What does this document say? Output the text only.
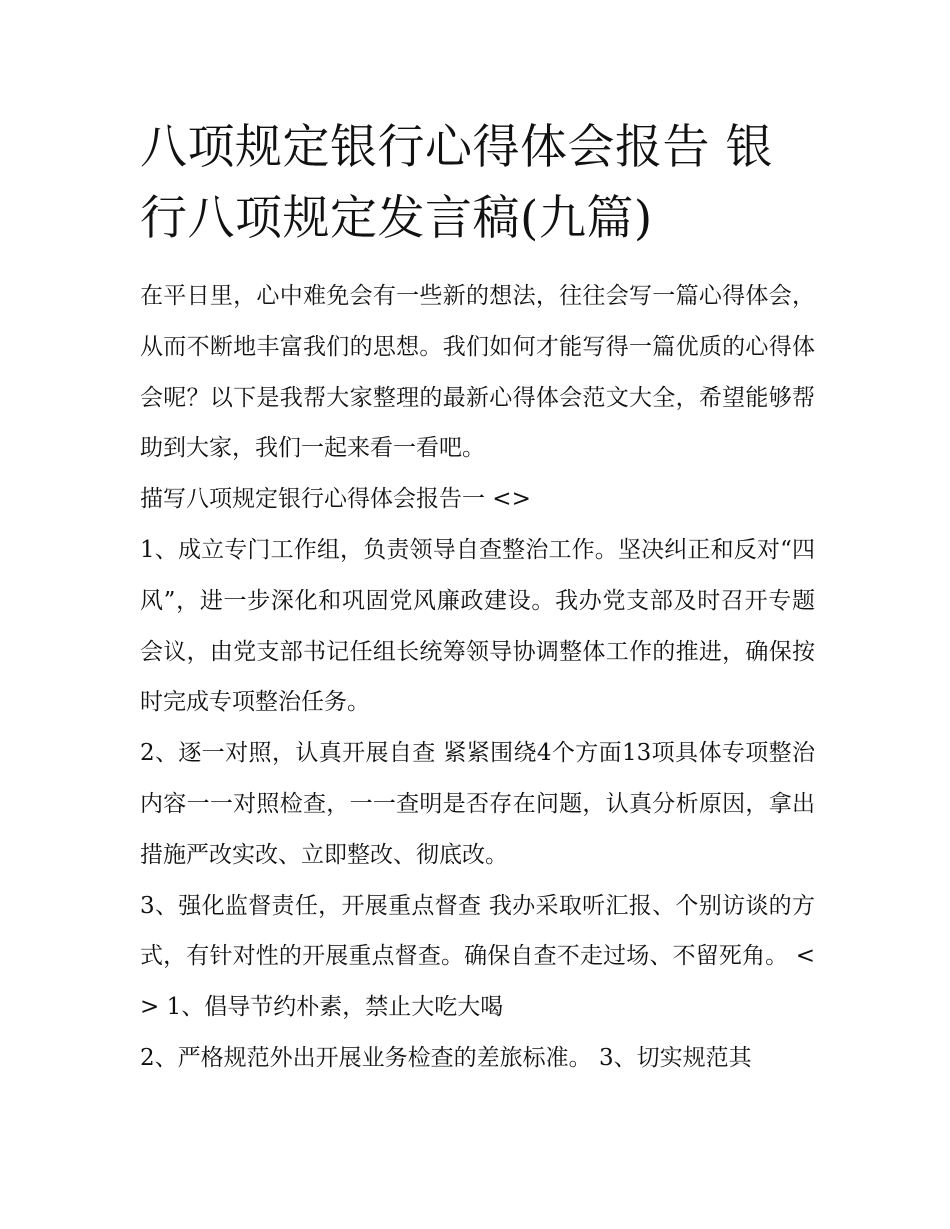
八项规定银行心得体会报告 银行八项规定发言稿(九篇)

在平日里，心中难免会有一些新的想法，往往会写一篇心得体会，从而不断地丰富我们的思想。我们如何才能写得一篇优质的心得体会呢？以下是我帮大家整理的最新心得体会范文大全，希望能够帮助到大家，我们一起来看一看吧。

描写八项规定银行心得体会报告一 <>

1、成立专门工作组，负责领导自查整治工作。坚决纠正和反对“四风”，进一步深化和巩固党风廉政建设。我办党支部及时召开专题会议，由党支部书记任组长统筹领导协调整体工作的推进，确保按时完成专项整治任务。

2、逐一对照，认真开展自查 紧紧围绕4个方面13项具体专项整治内容一一对照检查，一一查明是否存在问题，认真分析原因，拿出措施严改实改、立即整改、彻底改。

3、强化监督责任，开展重点督查 我办采取听汇报、个别访谈的方式，有针对性的开展重点督查。确保自查不走过场、不留死角。 <> 1、倡导节约朴素，禁止大吃大喝

2、严格规范外出开展业务检查的差旅标准。 3、切实规范其
